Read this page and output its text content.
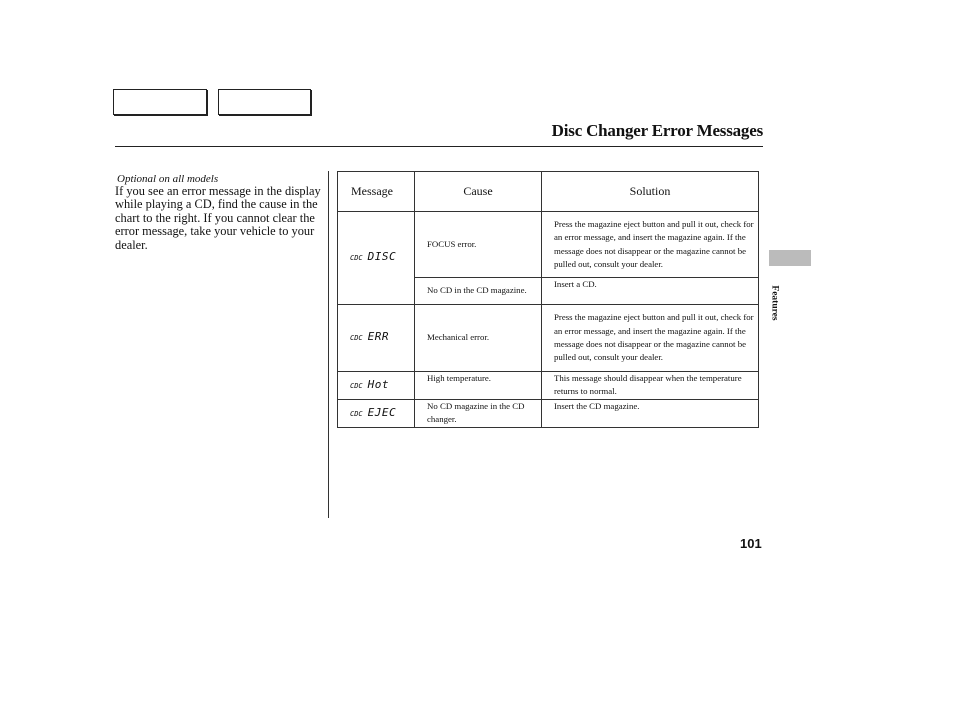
Disc Changer Error Messages
Optional on all models
If you see an error message in the display while playing a CD, find the cause in the chart to the right. If you cannot clear the error message, take your vehicle to your dealer.
Message	Cause	Solution

CDC DISC	FOCUS error.	Press the magazine eject button and pull it out, check for an error message, and insert the magazine again. If the message does not disappear or the magazine cannot be pulled out, consult your dealer.
	No CD in the CD magazine.	Insert a CD.

CDC ERR	Mechanical error.	Press the magazine eject button and pull it out, check for an error message, and insert the magazine again. If the message does not disappear or the magazine cannot be pulled out, consult your dealer.

CDC Hot	High temperature.	This message should disappear when the temperature returns to normal.

CDC EJEC	No CD magazine in the CD changer.	Insert the CD magazine.
Features
101
